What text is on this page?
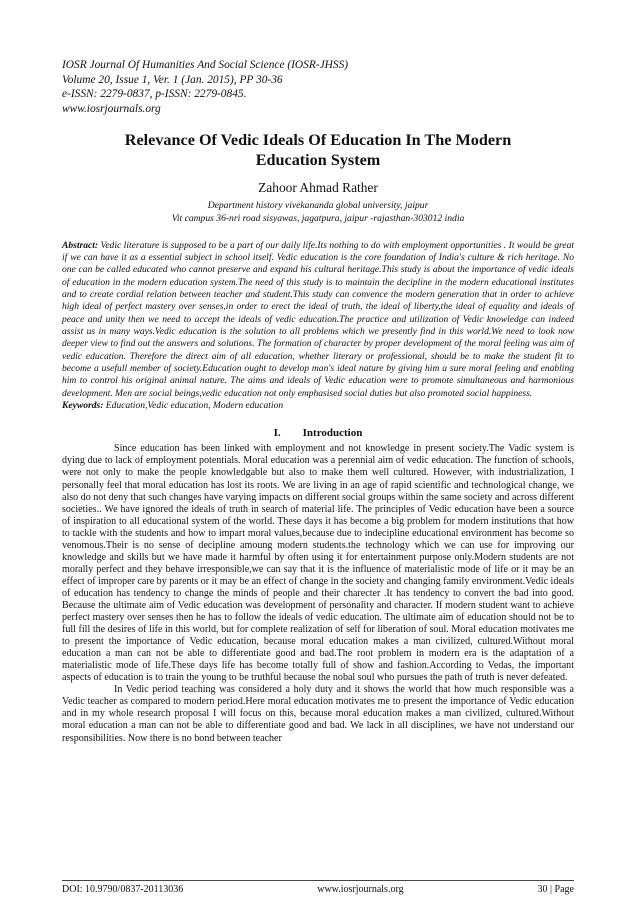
IOSR Journal Of Humanities And Social Science (IOSR-JHSS)

Volume 20, Issue 1, Ver. 1 (Jan. 2015), PP 30-36

e-ISSN: 2279-0837, p-ISSN: 2279-0845.

www.iosrjournals.org

Relevance Of Vedic Ideals Of Education In The Modern Education System
Zahoor Ahmad Rather
Department history vivekananda global university, jaipur
Vit campus 36-nri road sisyawas, jagatpura, jaipur -rajasthan-303012 india
Abstract: Vedic literature is supposed to be a part of our daily life.Its nothing to do with employment opportunities . It would be great if we can have it as a essential subject in school itself. Vedic education is the core foundation of India's culture & rich heritage. No one can be called educated who cannot preserve and expand his cultural heritage.This study is about the importance of vedic ideals of education in the modern education system.The need of this study is to maintain the decipline in the modern educational institutes and to create cordial relation between teacher and student.This study can convence the modern generation that in order to achieve high ideal of perfect mastery over senses,in order to erect the ideal of truth, the ideal of liberty,the ideal of equality and ideals of peace and unity then we need to accept the ideals of vedic education.The practice and utilization of Vedic knowledge can indeed assist us in many ways.Vedic education is the solution to all problems which we presently find in this world.We need to look now deeper view to find out the answers and solutions. The formation of character by proper development of the moral feeling was aim of vedic education. Therefore the direct aim of all education, whether literary or professional, should be to make the student fit to become a usefull member of society.Education ought to develop man's ideal nature by giving him a sure moral feeling and enabling him to control his original animal nature. The aims and ideals of Vedic education were to promote simultaneous and harmonious development. Men are social beings,vedic education not only emphasised social duties but also promoted social happiness.
Keywords: Education,Vedic education, Modern education
I. Introduction

Since education has been linked with employment and not knowledge in present society.The Vadic system is dying due to lack of employment potentials. Moral education was a perennial aim of vedic education. The function of schools, were not only to make the people knowledgable but also to make them well cultured. However, with industrialization, I personally feel that moral education has lost its roots. We are living in an age of rapid scientific and technological change, we also do not deny that such changes have varying impacts on different social groups within the same society and across different societies.. We have ignored the ideals of truth in search of material life. The principles of Vedic education have been a source of inspiration to all educational system of the world. These days it has become a big problem for modern institutions that how to tackle with the students and how to impart moral values,because due to indecipline educational environment has become so venomous.Their is no sense of decipline amoung modern students.the technology which we can use for improving our knowledge and skills but we have made it harmful by often using it for entertainment purpose only.Modern students are not morally perfect and they behave irresponsible,we can say that it is the influence of materialistic mode of life or it may be an effect of improper care by parents or it may be an effect of change in the society and changing family environment.Vedic ideals of education has tendency to change the minds of people and their charecter .It has tendency to convert the bad into good. Because the ultimate aim of Vedic education was development of personality and character. If modern student want to achieve perfect mastery over senses then he has to follow the ideals of vedic education. The ultimate aim of education should not be to full fill the desires of life in this world, but for complete realization of self for liberation of soul. Moral education motivates me to present the importance of Vedic education, because moral education makes a man civilized, cultured.Without moral education a man can not be able to differentiate good and bad.The root problem in modern era is the adaptation of a materialistic mode of life.These days life has become totally full of show and fashion.According to Vedas, the important aspects of education is to train the young to be truthful because the nobal soul who pursues the path of truth is never defeated.

In Vedic period teaching was considered a holy duty and it shows the world that how much responsible was a Vedic teacher as compared to modern period.Here moral education motivates me to present the importance of Vedic education and in my whole research proposal I will focus on this, because moral education makes a man civilized, cultured.Without moral education a man can not be able to differentiate good and bad. We lack in all disciplines, we have not understand our responsibilities. Now there is no bond between teacher

DOI: 10.9790/0837-20113036	www.iosrjournals.org	30 | Page
